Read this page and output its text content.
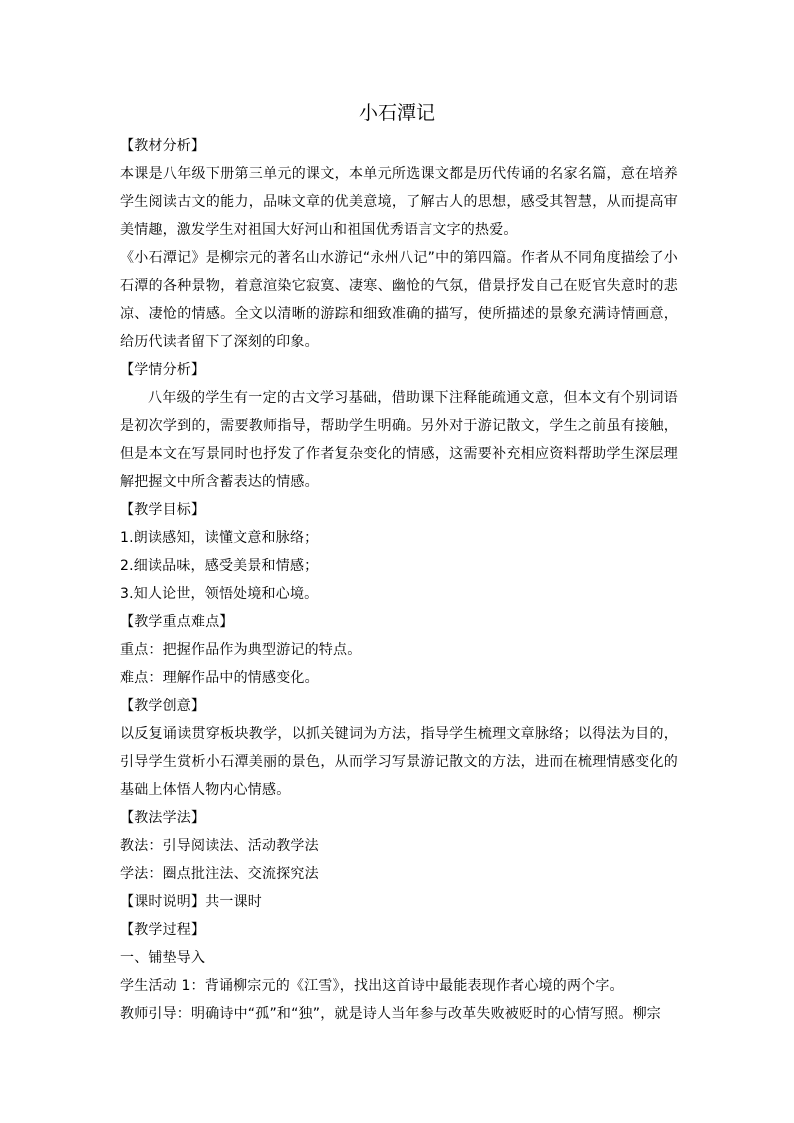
小石潭记

【教材分析】

本课是八年级下册第三单元的课文，本单元所选课文都是历代传诵的名家名篇，意在培养学生阅读古文的能力，品味文章的优美意境，了解古人的思想，感受其智慧，从而提高审美情趣，激发学生对祖国大好河山和祖国优秀语言文字的热爱。

《小石潭记》是柳宗元的著名山水游记“永州八记”中的第四篇。作者从不同角度描绘了小石潭的各种景物，着意渲染它寂寞、凄寒、幽怆的气氛，借景抒发自己在贬官失意时的悲凉、凄怆的情感。全文以清晰的游踪和细致准确的描写，使所描述的景象充满诗情画意，给历代读者留下了深刻的印象。

【学情分析】

八年级的学生有一定的古文学习基础，借助课下注释能疏通文意，但本文有个别词语是初次学到的，需要教师指导，帮助学生明确。另外对于游记散文，学生之前虽有接触，但是本文在写景同时也抒发了作者复杂变化的情感，这需要补充相应资料帮助学生深层理解把握文中所含蓄表达的情感。

【教学目标】

1.朗读感知，读懂文意和脉络；

2.细读品味，感受美景和情感；

3.知人论世，领悟处境和心境。

【教学重点难点】

重点：把握作品作为典型游记的特点。

难点：理解作品中的情感变化。

【教学创意】

以反复诵读贯穿板块教学，以抓关键词为方法，指导学生梳理文章脉络；以得法为目的，引导学生赏析小石潭美丽的景色，从而学习写景游记散文的方法，进而在梳理情感变化的基础上体悟人物内心情感。

【教法学法】

教法：引导阅读法、活动教学法

学法：圈点批注法、交流探究法

【课时说明】共一课时

【教学过程】

一、铺垫导入

学生活动 1：背诵柳宗元的《江雪》，找出这首诗中最能表现作者心境的两个字。

教师引导：明确诗中“孤”和“独”，就是诗人当年参与改革失败被贬时的心情写照。柳宗
